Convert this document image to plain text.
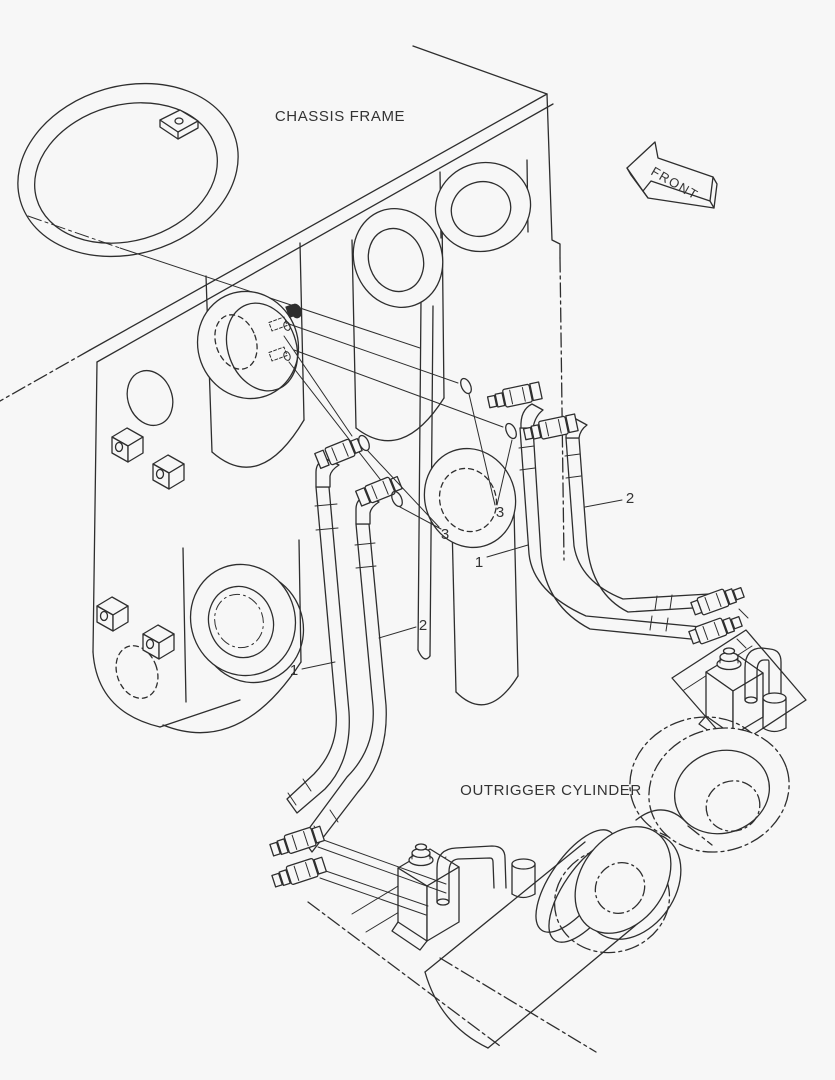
FRONT
CHASSIS FRAME
OUTRIGGER CYLINDER
2
3
3
1
2
1
